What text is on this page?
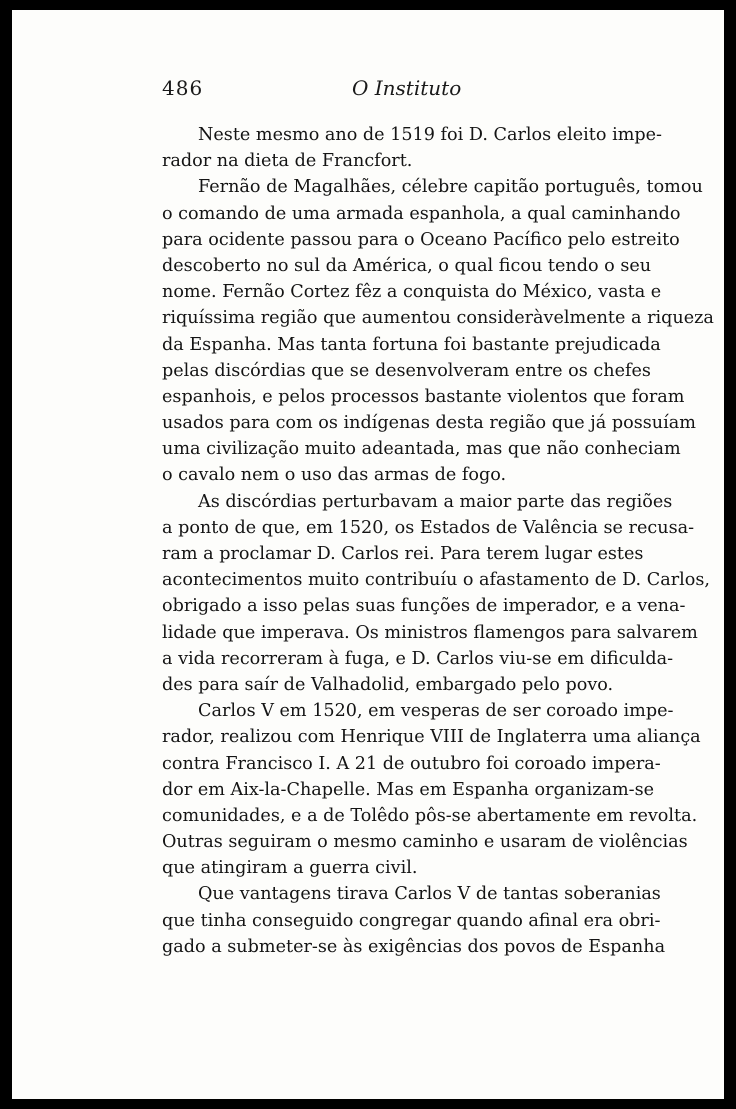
486	O Instituto
Neste mesmo ano de 1519 foi D. Carlos eleito impe-
rador na dieta de Francfort.
Fernão de Magalhães, célebre capitão português, tomou
o comando de uma armada espanhola, a qual caminhando
para ocidente passou para o Oceano Pacífico pelo estreito
descoberto no sul da América, o qual ficou tendo o seu
nome. Fernão Cortez fêz a conquista do México, vasta e
riquíssima região que aumentou consideràvelmente a riqueza
da Espanha. Mas tanta fortuna foi bastante prejudicada
pelas discórdias que se desenvolveram entre os chefes
espanhois, e pelos processos bastante violentos que foram
usados para com os indígenas desta região que já possuíam
uma civilização muito adeantada, mas que não conheciam
o cavalo nem o uso das armas de fogo.
As discórdias perturbavam a maior parte das regiões
a ponto de que, em 1520, os Estados de Valência se recusa-
ram a proclamar D. Carlos rei. Para terem lugar estes
acontecimentos muito contribuíu o afastamento de D. Carlos,
obrigado a isso pelas suas funções de imperador, e a vena-
lidade que imperava. Os ministros flamengos para salvarem
a vida recorreram à fuga, e D. Carlos viu-se em dificulda-
des para saír de Valhadolid, embargado pelo povo.
Carlos V em 1520, em vesperas de ser coroado impe-
rador, realizou com Henrique VIII de Inglaterra uma aliança
contra Francisco I. A 21 de outubro foi coroado impera-
dor em Aix-la-Chapelle. Mas em Espanha organizam-se
comunidades, e a de Tolêdo pôs-se abertamente em revolta.
Outras seguiram o mesmo caminho e usaram de violências
que atingiram a guerra civil.
Que vantagens tirava Carlos V de tantas soberanias
que tinha conseguido congregar quando afinal era obri-
gado a submeter-se às exigências dos povos de Espanha
